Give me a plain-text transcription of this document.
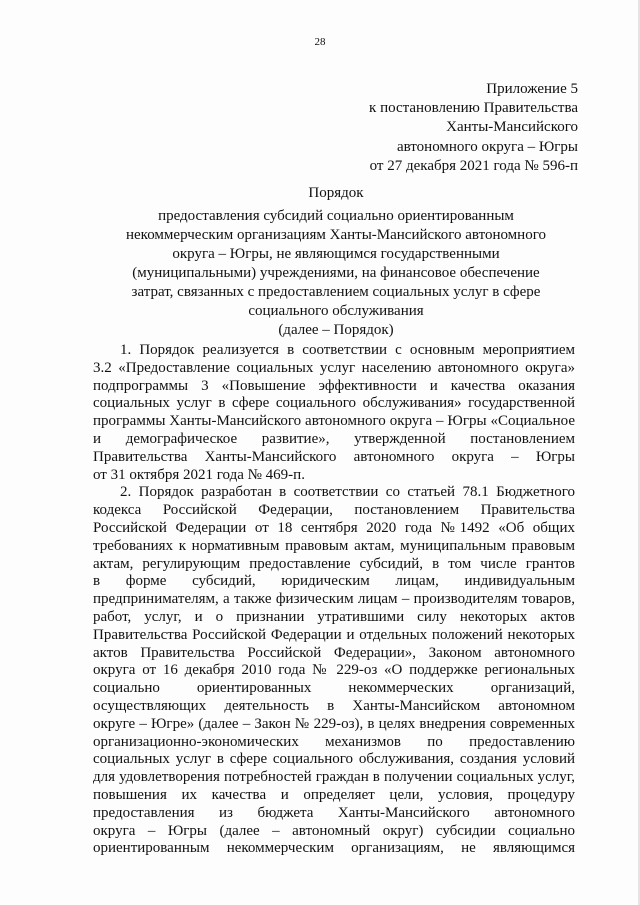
28
Приложение 5
к постановлению Правительства
Ханты-Мансийского
автономного округа – Югры
от 27 декабря 2021 года № 596-п
Порядок
предоставления субсидий социально ориентированным
некоммерческим организациям Ханты-Мансийского автономного
округа – Югры, не являющимся государственными
(муниципальными) учреждениями, на финансовое обеспечение
затрат, связанных с предоставлением социальных услуг в сфере
социального обслуживания
(далее – Порядок)
1. Порядок реализуется в соответствии с основным мероприятием
3.2 «Предоставление социальных услуг населению автономного округа»
подпрограммы 3 «Повышение эффективности и качества оказания
социальных услуг в сфере социального обслуживания» государственной
программы Ханты-Мансийского автономного округа – Югры «Социальное
и демографическое развитие», утвержденной постановлением
Правительства Ханты-Мансийского автономного округа – Югры
от 31 октября 2021 года № 469-п.
2. Порядок разработан в соответствии со статьей 78.1 Бюджетного
кодекса Российской Федерации, постановлением Правительства
Российской Федерации от 18 сентября 2020 года №1492 «Об общих
требованиях к нормативным правовым актам, муниципальным правовым
актам, регулирующим предоставление субсидий, в том числе грантов
в форме субсидий, юридическим лицам, индивидуальным
предпринимателям, а также физическим лицам – производителям товаров,
работ, услуг, и о признании утратившими силу некоторых актов
Правительства Российской Федерации и отдельных положений некоторых
актов Правительства Российской Федерации», Законом автономного
округа от 16 декабря 2010 года № 229-оз «О поддержке региональных
социально ориентированных некоммерческих организаций,
осуществляющих деятельность в Ханты-Мансийском автономном
округе – Югре» (далее – Закон № 229-оз), в целях внедрения современных
организационно-экономических механизмов по предоставлению
социальных услуг в сфере социального обслуживания, создания условий
для удовлетворения потребностей граждан в получении социальных услуг,
повышения их качества и определяет цели, условия, процедуру
предоставления из бюджета Ханты-Мансийского автономного
округа – Югры (далее – автономный округ) субсидии социально
ориентированным некоммерческим организациям, не являющимся
